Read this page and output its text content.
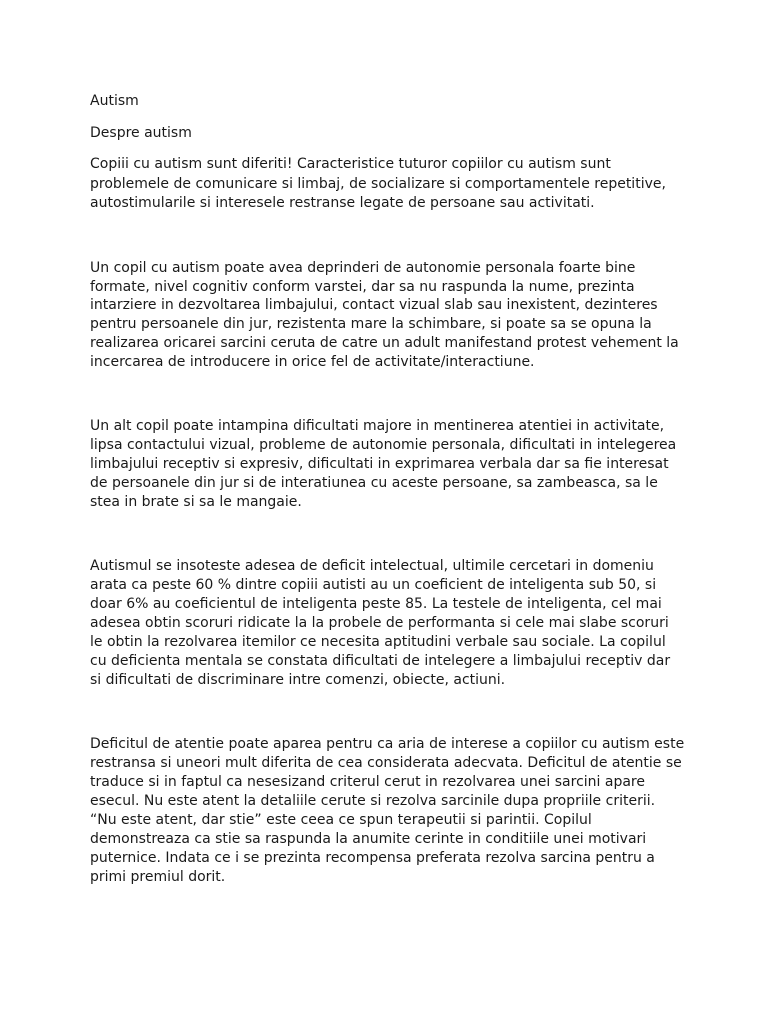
Autism
Despre autism
Copiii cu autism sunt diferiti! Caracteristice tuturor copiilor cu autism sunt
problemele de comunicare si limbaj, de socializare si comportamentele repetitive,
autostimularile si interesele restranse legate de persoane sau activitati.
Un copil cu autism poate avea deprinderi de autonomie personala foarte bine
formate, nivel cognitiv conform varstei, dar sa nu raspunda la nume, prezinta
intarziere in dezvoltarea limbajului, contact vizual slab sau inexistent, dezinteres
pentru persoanele din jur, rezistenta mare la schimbare, si poate sa se opuna la
realizarea oricarei sarcini ceruta de catre un adult manifestand protest vehement la
incercarea de introducere in orice fel de activitate/interactiune.
Un alt copil poate intampina dificultati majore in mentinerea atentiei in activitate,
lipsa contactului vizual, probleme de autonomie personala, dificultati in intelegerea
limbajului receptiv si expresiv, dificultati in exprimarea verbala dar sa fie interesat
de persoanele din jur si de interatiunea cu aceste persoane, sa zambeasca, sa le
stea in brate si sa le mangaie.
Autismul se insoteste adesea de deficit intelectual, ultimile cercetari in domeniu
arata ca peste 60 % dintre copiii autisti au un coeficient de inteligenta sub 50, si
doar 6% au coeficientul de inteligenta peste 85. La testele de inteligenta, cel mai
adesea obtin scoruri ridicate la la probele de performanta si cele mai slabe scoruri
le obtin la rezolvarea itemilor ce necesita aptitudini verbale sau sociale. La copilul
cu deficienta mentala se constata dificultati de intelegere a limbajului receptiv dar
si dificultati de discriminare intre comenzi, obiecte, actiuni.
Deficitul de atentie poate aparea pentru ca aria de interese a copiilor cu autism este
restransa si uneori mult diferita de cea considerata adecvata. Deficitul de atentie se
traduce si in faptul ca nesesizand criterul cerut in rezolvarea unei sarcini apare
esecul. Nu este atent la detaliile cerute si rezolva sarcinile dupa propriile criterii.
“Nu este atent, dar stie” este ceea ce spun terapeutii si parintii. Copilul
demonstreaza ca stie sa raspunda la anumite cerinte in conditiile unei motivari
puternice. Indata ce i se prezinta recompensa preferata rezolva sarcina pentru a
primi premiul dorit.
